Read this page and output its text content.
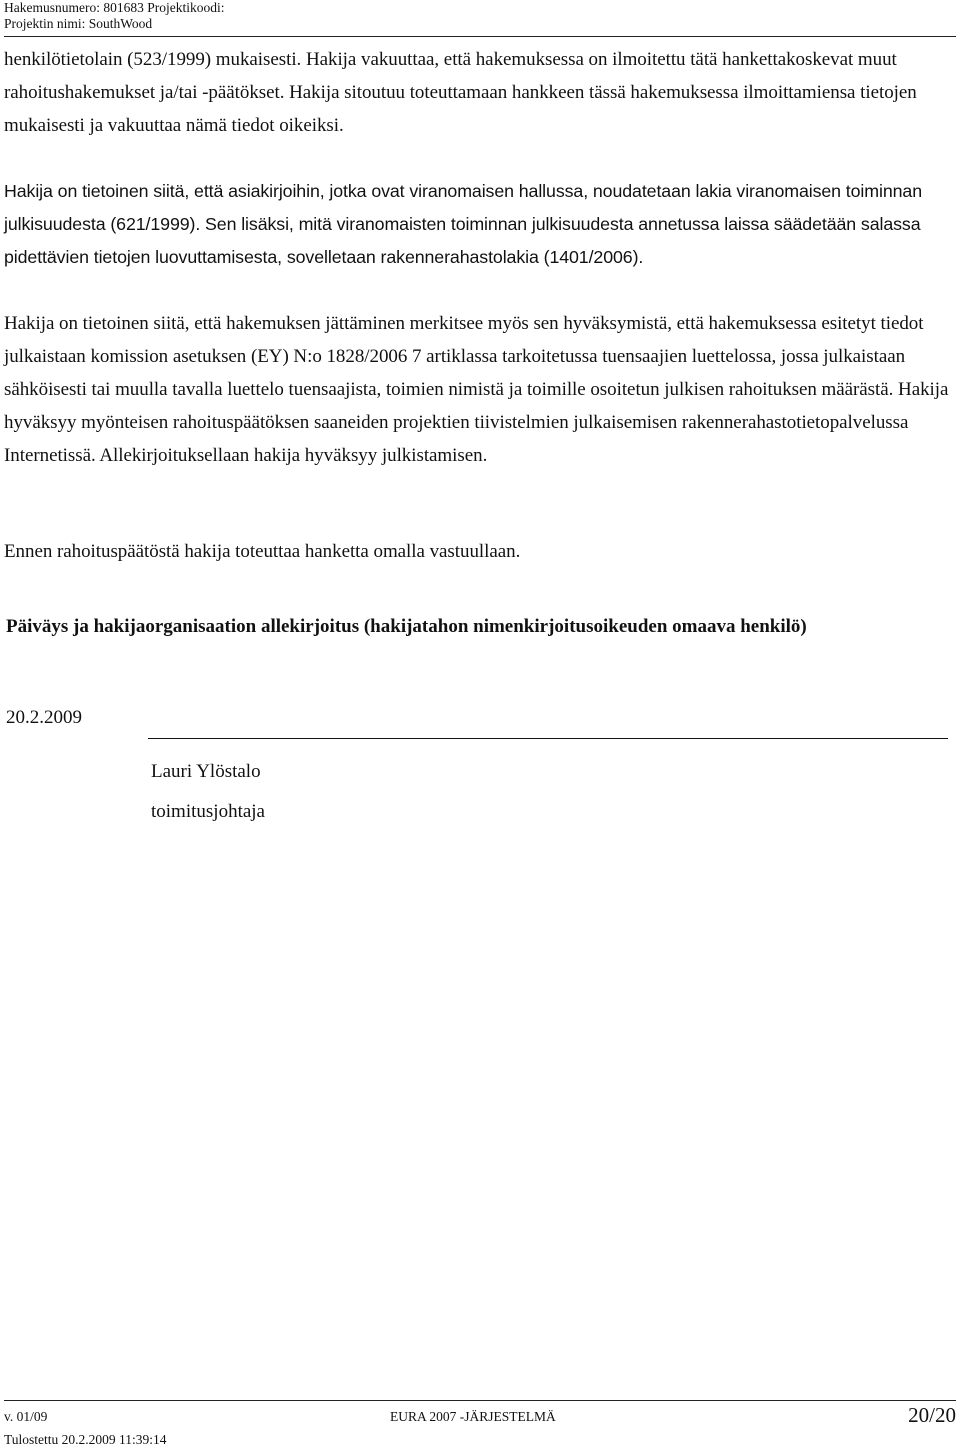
Hakemusnumero: 801683 Projektikoodi:
Projektin nimi: SouthWood

henkilötietolain (523/1999) mukaisesti. Hakija vakuuttaa, että hakemuksessa on ilmoitettu tätä hankettakoskevat muut rahoitushakemukset ja/tai -päätökset. Hakija sitoutuu toteuttamaan hankkeen tässä hakemuksessa ilmoittamiensa tietojen mukaisesti ja vakuuttaa nämä tiedot oikeiksi.

Hakija on tietoinen siitä, että asiakirjoihin, jotka ovat viranomaisen hallussa, noudatetaan lakia viranomaisen toiminnan julkisuudesta (621/1999). Sen lisäksi, mitä viranomaisten toiminnan julkisuudesta annetussa laissa säädetään salassa pidettävien tietojen luovuttamisesta, sovelletaan rakennerahastolakia (1401/2006).

Hakija on tietoinen siitä, että hakemuksen jättäminen merkitsee myös sen hyväksymistä, että hakemuksessa esitetyt tiedot julkaistaan komission asetuksen (EY) N:o 1828/2006 7 artiklassa tarkoitetussa tuensaajien luettelossa, jossa julkaistaan sähköisesti tai muulla tavalla luettelo tuensaajista, toimien nimistä ja toimille osoitetun julkisen rahoituksen määrästä. Hakija hyväksyy myönteisen rahoituspäätöksen saaneiden projektien tiivistelmien julkaisemisen rakennerahastotietopalvelussa Internetissä. Allekirjoituksellaan hakija hyväksyy julkistamisen.

Ennen rahoituspäätöstä hakija toteuttaa hanketta omalla vastuullaan.

Päiväys ja hakijaorganisaation allekirjoitus (hakijatahon nimenkirjoitusoikeuden omaava henkilö)
20.2.2009
Lauri Ylöstalo
toimitusjohtaja
v. 01/09	EURA 2007 -JÄRJESTELMÄ	20/20
Tulostettu 20.2.2009 11:39:14
